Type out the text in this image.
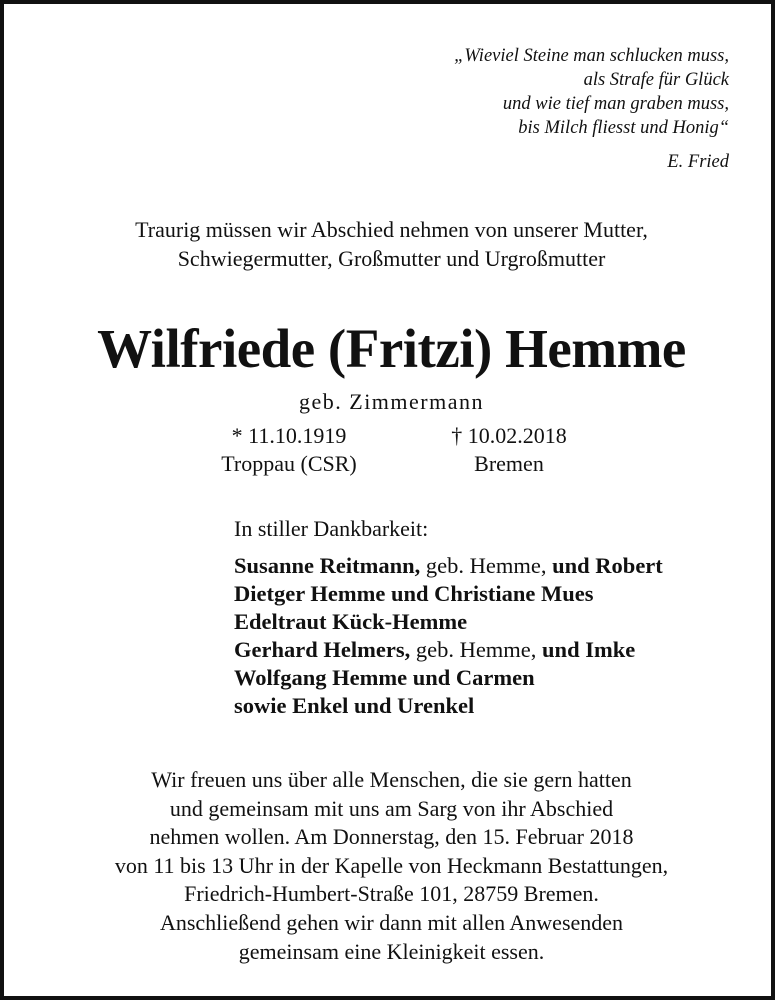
„Wieviel Steine man schlucken muss,
als Strafe für Glück
und wie tief man graben muss,
bis Milch fliesst und Honig“
E. Fried
Traurig müssen wir Abschied nehmen von unserer Mutter,
Schwiegermutter, Großmutter und Urgroßmutter
Wilfriede (Fritzi) Hemme
geb. Zimmermann
* 11.10.1919
Troppau (CSR)
† 10.02.2018
Bremen
In stiller Dankbarkeit:
Susanne Reitmann, geb. Hemme, und Robert
Dietger Hemme und Christiane Mues
Edeltraut Kück-Hemme
Gerhard Helmers, geb. Hemme, und Imke
Wolfgang Hemme und Carmen
sowie Enkel und Urenkel
Wir freuen uns über alle Menschen, die sie gern hatten
und gemeinsam mit uns am Sarg von ihr Abschied
nehmen wollen. Am Donnerstag, den 15. Februar 2018
von 11 bis 13 Uhr in der Kapelle von Heckmann Bestattungen,
Friedrich-Humbert-Straße 101, 28759 Bremen.
Anschließend gehen wir dann mit allen Anwesenden
gemeinsam eine Kleinigkeit essen.
